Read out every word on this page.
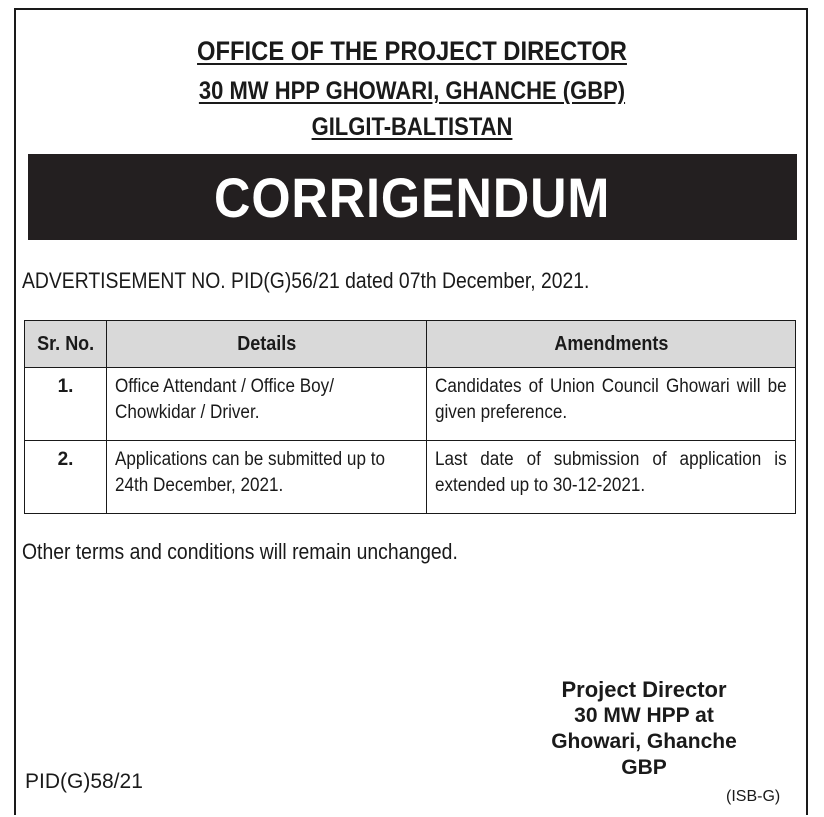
OFFICE OF THE PROJECT DIRECTOR
30 MW HPP GHOWARI, GHANCHE (GBP)
GILGIT-BALTISTAN
CORRIGENDUM
ADVERTISEMENT NO. PID(G)56/21 dated 07th December, 2021.
Sr. No.	Details	Amendments
1.	Office Attendant / Office Boy/ Chowkidar / Driver.	Candidates of Union Council Ghowari will be given preference.
2.	Applications can be submitted up to 24th December, 2021.	Last date of submission of application is extended up to 30-12-2021.
Other terms and conditions will remain unchanged.
Project Director
30 MW HPP at
Ghowari, Ghanche
GBP
PID(G)58/21
(ISB-G)
